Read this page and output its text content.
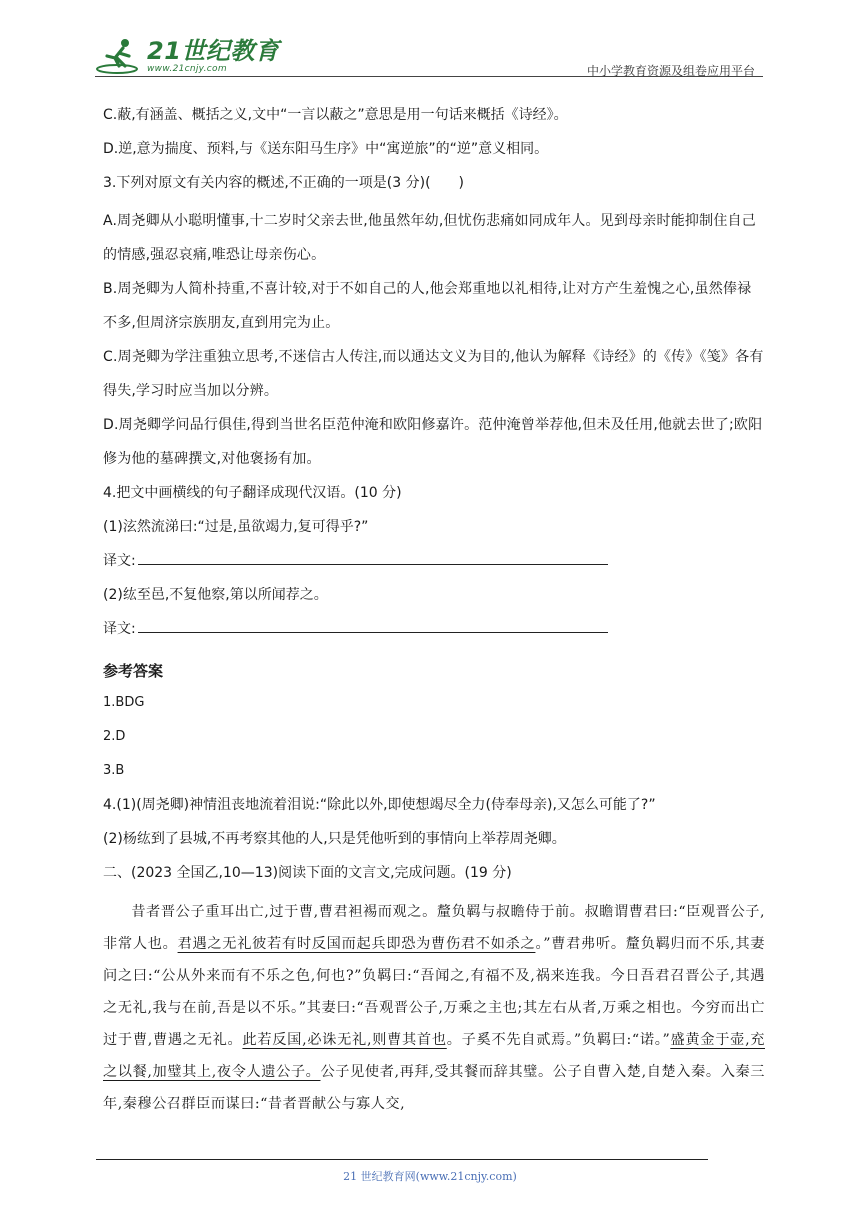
21世纪教育
www.21cnjy.com	中小学教育资源及组卷应用平台
C.蔽,有涵盖、概括之义,文中“一言以蔽之”意思是用一句话来概括《诗经》。
D.逆,意为揣度、预料,与《送东阳马生序》中“寓逆旅”的“逆”意义相同。
3.下列对原文有关内容的概述,不正确的一项是(3 分)(　　)
A.周尧卿从小聪明懂事,十二岁时父亲去世,他虽然年幼,但忧伤悲痛如同成年人。见到母亲时能抑制住自己的情感,强忍哀痛,唯恐让母亲伤心。
B.周尧卿为人简朴持重,不喜计较,对于不如自己的人,他会郑重地以礼相待,让对方产生羞愧之心,虽然俸禄不多,但周济宗族朋友,直到用完为止。
C.周尧卿为学注重独立思考,不迷信古人传注,而以通达文义为目的,他认为解释《诗经》的《传》《笺》各有得失,学习时应当加以分辨。
D.周尧卿学问品行俱佳,得到当世名臣范仲淹和欧阳修嘉许。范仲淹曾举荐他,但未及任用,他就去世了;欧阳修为他的墓碑撰文,对他褒扬有加。
4.把文中画横线的句子翻译成现代汉语。(10 分)
(1)泫然流涕曰:“过是,虽欲竭力,复可得乎?”
译文:
(2)纮至邑,不复他察,第以所闻荐之。
译文:
参考答案
1.BDG
2.D
3.B
4.(1)(周尧卿)神情沮丧地流着泪说:“除此以外,即使想竭尽全力(侍奉母亲),又怎么可能了?”
(2)杨纮到了县城,不再考察其他的人,只是凭他听到的事情向上举荐周尧卿。
二、(2023 全国乙,10—13)阅读下面的文言文,完成问题。(19 分)
昔者晋公子重耳出亡,过于曹,曹君袒裼而观之。釐负羁与叔瞻侍于前。叔瞻谓曹君曰:“臣观晋公子,非常人也。君遇之无礼彼若有时反国而起兵即恐为曹伤君不如杀之。”曹君弗听。釐负羁归而不乐,其妻问之曰:“公从外来而有不乐之色,何也?”负羁曰:“吾闻之,有福不及,祸来连我。今日吾君召晋公子,其遇之无礼,我与在前,吾是以不乐。”其妻曰:“吾观晋公子,万乘之主也;其左右从者,万乘之相也。今穷而出亡过于曹,曹遇之无礼。此若反国,必诛无礼,则曹其首也。子奚不先自贰焉。”负羁曰:“诺。”盛黄金于壶,充之以餐,加璧其上,夜令人遗公子。公子见使者,再拜,受其餐而辞其璧。公子自曹入楚,自楚入秦。入秦三年,秦穆公召群臣而谋曰:“昔者晋献公与寡人交,
21 世纪教育网(www.21cnjy.com)
